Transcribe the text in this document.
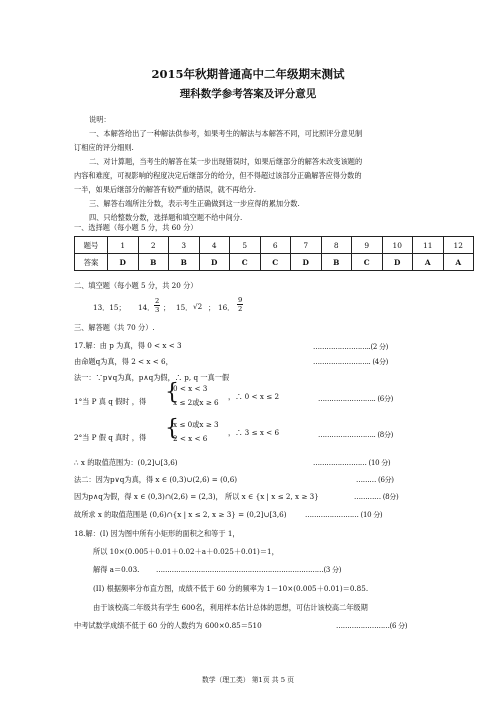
2015年秋期普通高中二年级期末测试
理科数学参考答案及评分意见
说明：
一、本解答给出了一种解法供参考，如果考生的解法与本解答不同，可比照评分意见制
订相应的评分细则.
二、对计算题，当考生的解答在某一步出现错误时，如果后继部分的解答未改变该题的
内容和难度，可视影响的程度决定后继部分的给分，但不得超过该部分正确解答应得分数的
一半，如果后继部分的解答有较严重的错误，就不再给分.
三、解答右端所注分数，表示考生正确做到这一步应得的累加分数.
四、只给整数分数，选择题和填空题不给中间分.
一、选择题（每小题 5 分，共 60 分）
题号	1	2	3	4	5	6	7	8	9	10	11	12
答案	D	B	B	D	C	C	D	B	C	D	A	A
二、填空题（每小题 5 分，共 20 分）
13．15； 14． $\frac{2}{3}$ ； 15． √2 ； 16． $\frac{9}{2}$
三、解答题（共 70 分）.
17.解：由 p 为真，得 0 < x < 3	……………………..(2 分)
由命题q为真，得 2 < x < 6，	…………………….. (4分)
法一：∵p∨q为真，p∧q为假，∴ p, q 一真一假
1°当 P 真 q 假时 ，得 {
0 < x < 3
x ≤ 2或x ≥ 6
，∴ 0 < x ≤ 2	…………………….. (6分)
2°当 P 假 q 真时 ，得 {
x ≤ 0或x ≥ 3
2 < x < 6
，∴ 3 ≤ x < 6	…………………….. (8分)
∴ x 的取值范围为：(0,2]∪[3,6)	…………………… (10 分)
法二：因为p∨q为真，得 x ∈ (0,3)∪(2,6) = (0,6)	……… (6分)
因为p∧q为假，得 x ∈ (0,3)∩(2,6) = (2,3)， 所以 x ∈ {x | x ≤ 2, x ≥ 3}	………… (8分)
故所求 x 的取值范围是 (0,6)∩{x | x ≤ 2, x ≥ 3} = (0,2]∪[3,6)	…………………… (10 分)
18.解：(I) 因为图中所有小矩形的面积之和等于 1，
所以 10×(0.005＋0.01＋0.02＋a＋0.025＋0.01)＝1，
解得 a＝0.03. …………………………………………………………………(3 分)
(II) 根据频率分布直方图，成绩不低于 60 分的频率为 1－10×(0.005＋0.01)＝0.85.
由于该校高二年级共有学生 600名，利用样本估计总体的思想，可估计该校高二年级期
中考试数学成绩不低于 60 分的人数约为 600×0.85＝510	……………………(6 分)
数学（理工类） 第1页 共 5 页
